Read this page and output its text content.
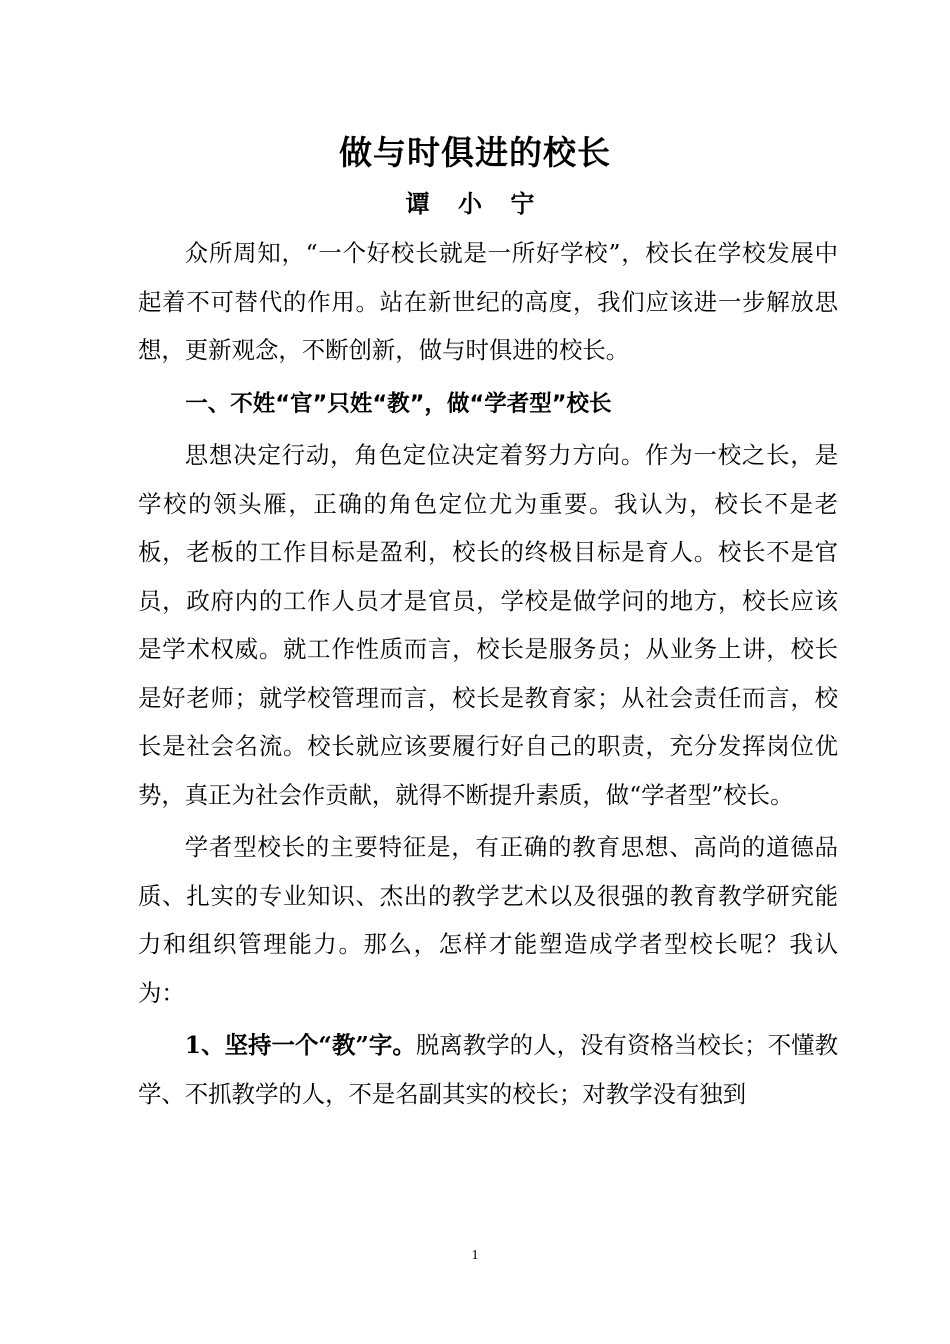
做与时俱进的校长
谭 小 宁

众所周知，“一个好校长就是一所好学校”，校长在学校发展中起着不可替代的作用。站在新世纪的高度，我们应该进一步解放思想，更新观念，不断创新，做与时俱进的校长。

一、不姓“官”只姓“教”，做“学者型”校长

思想决定行动，角色定位决定着努力方向。作为一校之长，是学校的领头雁，正确的角色定位尤为重要。我认为，校长不是老板，老板的工作目标是盈利，校长的终极目标是育人。校长不是官员，政府内的工作人员才是官员，学校是做学问的地方，校长应该是学术权威。就工作性质而言，校长是服务员；从业务上讲，校长是好老师；就学校管理而言，校长是教育家；从社会责任而言，校长是社会名流。校长就应该要履行好自己的职责，充分发挥岗位优势，真正为社会作贡献，就得不断提升素质，做“学者型”校长。

学者型校长的主要特征是，有正确的教育思想、高尚的道德品质、扎实的专业知识、杰出的教学艺术以及很强的教育教学研究能力和组织管理能力。那么，怎样才能塑造成学者型校长呢？我认为：

1、坚持一个“教”字。脱离教学的人，没有资格当校长；不懂教学、不抓教学的人，不是名副其实的校长；对教学没有独到

1
